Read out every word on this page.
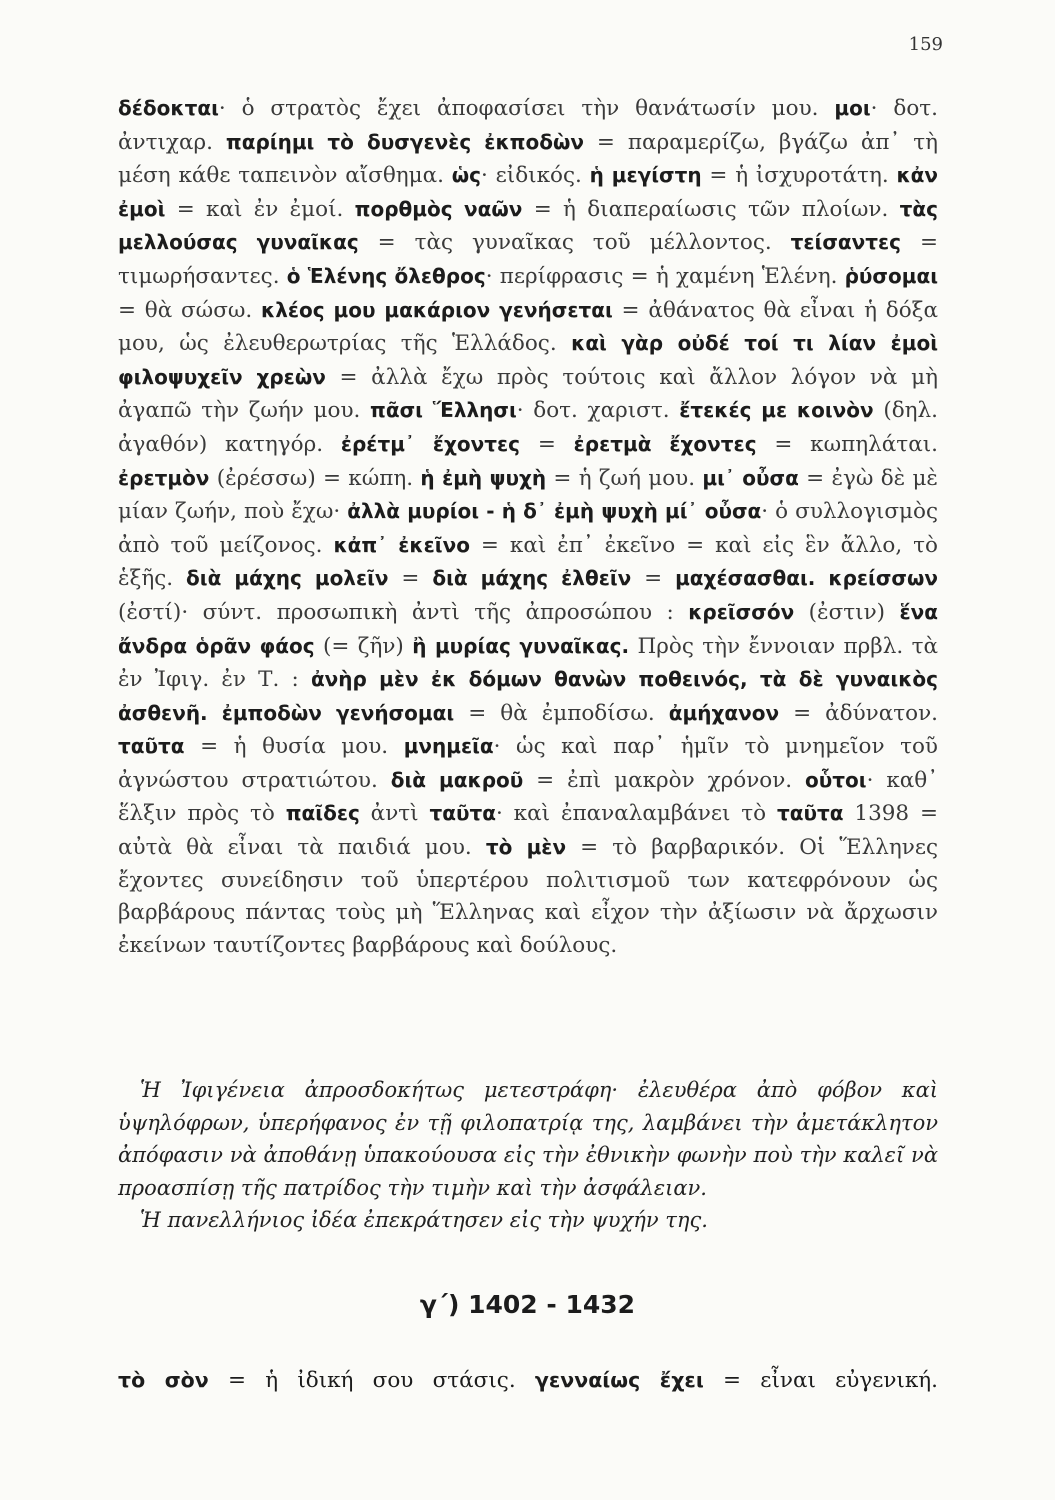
159
δέδοκται· ὁ στρατὸς ἔχει ἀποφασίσει τὴν θανάτωσίν μου. μοι· δοτ. ἀντιχαρ. παρίημι τὸ δυσγενὲς ἐκποδὼν = παραμερίζω, βγάζω ἀπ᾿ τὴ μέση κάθε ταπεινὸν αἴσθημα. ὡς· εἰδικός. ἡ μεγίστη = ἡ ἰσχυροτάτη. κἀν ἐμοὶ = καὶ ἐν ἐμοί. πορθμὸς ναῶν = ἡ διαπεραίωσις τῶν πλοίων. τὰς μελλούσας γυναῖκας = τὰς γυναῖκας τοῦ μέλλοντος. τείσαντες = τιμωρήσαντες. ὁ Ἑλένης ὄλεθρος· περίφρασις = ἡ χαμένη Ἑλένη. ῥύσομαι = θὰ σώσω. κλέος μου μακάριον γενήσεται = ἀθάνατος θὰ εἶναι ἡ δόξα μου, ὡς ἐλευθερωτρίας τῆς Ἑλλάδος. καὶ γὰρ οὐδέ τοί τι λίαν ἐμοὶ φιλοψυχεῖν χρεὼν = ἀλλὰ ἔχω πρὸς τούτοις καὶ ἄλλον λόγον νὰ μὴ ἀγαπῶ τὴν ζωήν μου. πᾶσι Ἕλλησι· δοτ. χαριστ. ἔτεκές με κοινὸν (δηλ. ἀγαθόν) κατηγόρ. ἐρέτμ᾿ ἔχοντες = ἐρετμὰ ἔχοντες = κωπηλάται. ἐρετμὸν (ἐρέσσω) = κώπη. ἡ ἐμὴ ψυχὴ = ἡ ζωή μου. μι᾿ οὖσα = ἐγὼ δὲ μὲ μίαν ζωήν, ποὺ ἔχω· ἀλλὰ μυρίοι - ἡ δ᾿ ἐμὴ ψυχὴ μί᾿ οὖσα· ὁ συλλογισμὸς ἀπὸ τοῦ μείζονος. κἀπ᾿ ἐκεῖνο = καὶ ἐπ᾿ ἐκεῖνο = καὶ εἰς ἓν ἄλλο, τὸ ἑξῆς. διὰ μάχης μολεῖν = διὰ μάχης ἐλθεῖν = μαχέσασθαι. κρείσσων (ἐστί)· σύντ. προσωπικὴ ἀντὶ τῆς ἀπροσώπου : κρεῖσσόν (ἐστιν) ἕνα ἄνδρα ὁρᾶν φάος (= ζῆν) ἢ μυρίας γυναῖκας. Πρὸς τὴν ἔννοιαν πρβλ. τὰ ἐν Ἰφιγ. ἐν Τ. : ἀνὴρ μὲν ἐκ δόμων θανὼν ποθεινός, τὰ δὲ γυναικὸς ἀσθενῆ. ἐμποδὼν γενήσομαι = θὰ ἐμποδίσω. ἀμήχανον = ἀδύνατον. ταῦτα = ἡ θυσία μου. μνημεῖα· ὡς καὶ παρ᾿ ἡμῖν τὸ μνημεῖον τοῦ ἀγνώστου στρατιώτου. διὰ μακροῦ = ἐπὶ μακρὸν χρόνον. οὗτοι· καθ᾿ ἕλξιν πρὸς τὸ παῖδες ἀντὶ ταῦτα· καὶ ἐπαναλαμβάνει τὸ ταῦτα 1398 = αὐτὰ θὰ εἶναι τὰ παιδιά μου. τὸ μὲν = τὸ βαρβαρικόν. Οἱ Ἕλληνες ἔχοντες συνείδησιν τοῦ ὑπερτέρου πολιτισμοῦ των κατεφρόνουν ὡς βαρβάρους πάντας τοὺς μὴ Ἕλληνας καὶ εἶχον τὴν ἀξίωσιν νὰ ἄρχωσιν ἐκείνων ταυτίζοντες βαρβάρους καὶ δούλους.

Ἡ Ἰφιγένεια ἀπροσδοκήτως μετεστράφη· ἐλευθέρα ἀπὸ φόβον καὶ ὑψηλόφρων, ὑπερήφανος ἐν τῇ φιλοπατρίᾳ της, λαμβάνει τὴν ἀμετάκλητον ἀπόφασιν νὰ ἀποθάνῃ ὑπακούουσα εἰς τὴν ἐθνικὴν φωνὴν ποὺ τὴν καλεῖ νὰ προασπίσῃ τῆς πατρίδος τὴν τιμὴν καὶ τὴν ἀσφάλειαν.

Ἡ πανελλήνιος ἰδέα ἐπεκράτησεν εἰς τὴν ψυχήν της.

γ΄) 1402 - 1432
τὸ σὸν = ἡ ἰδική σου στάσις. γενναίως ἔχει = εἶναι εὐγενική.
